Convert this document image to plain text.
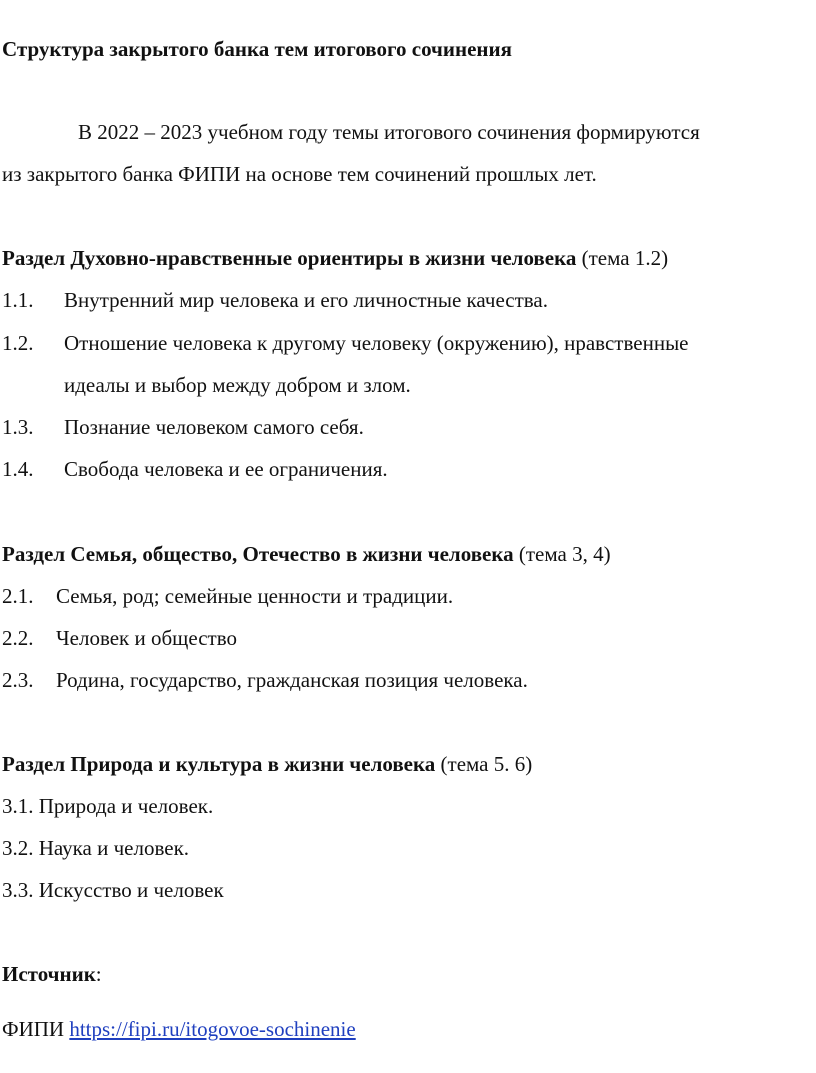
Структура закрытого банка тем итогового сочинения
В 2022 – 2023 учебном году темы итогового сочинения формируются
из закрытого банка ФИПИ на основе тем сочинений прошлых лет.
Раздел Духовно-нравственные ориентиры в жизни человека (тема 1.2)
1.1. Внутренний мир человека и его личностные качества.
1.2. Отношение человека к другому человеку (окружению), нравственные
идеалы и выбор между добром и злом.
1.3. Познание человеком самого себя.
1.4. Свобода человека и ее ограничения.
Раздел Семья, общество, Отечество в жизни человека (тема 3, 4)
2.1. Семья, род; семейные ценности и традиции.
2.2. Человек и общество
2.3. Родина, государство, гражданская позиция человека.
Раздел Природа и культура в жизни человека (тема 5. 6)
3.1. Природа и человек.
3.2. Наука и человек.
3.3. Искусство и человек
Источник:
ФИПИ https://fipi.ru/itogovoe-sochinenie
